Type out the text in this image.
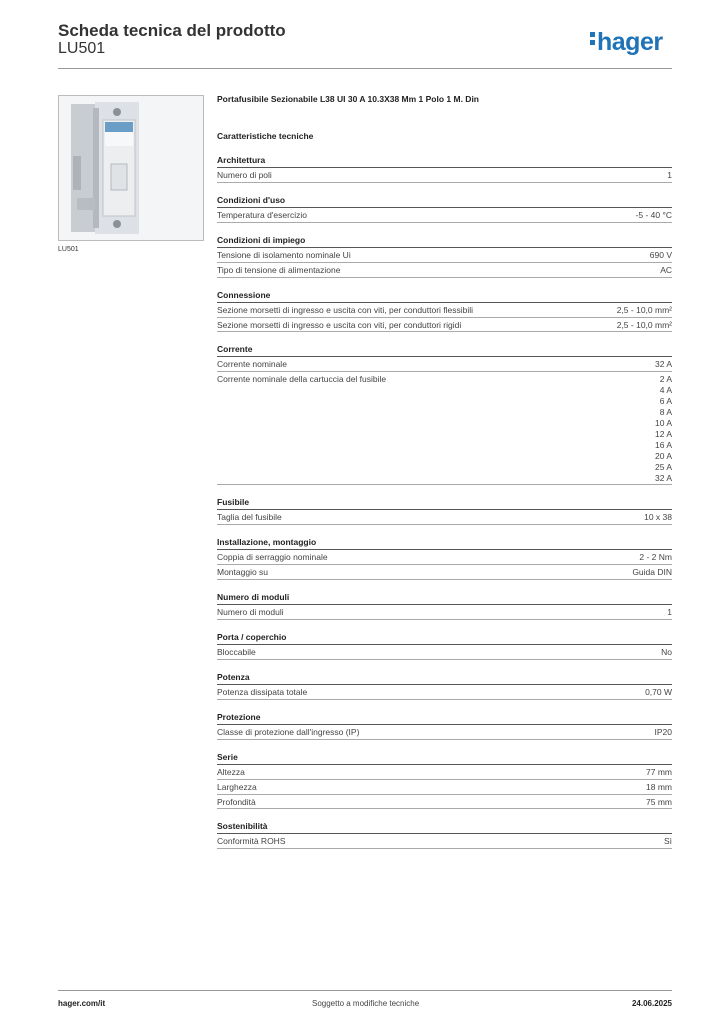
Scheda tecnica del prodotto
LU501	hager
LU501
Portafusibile Sezionabile L38 UI 30 A 10.3X38 Mm 1 Polo 1 M. Din
Caratteristiche tecniche
Architettura
Numero di poli	1
Condizioni d'uso
Temperatura d'esercizio	-5 - 40 °C
Condizioni di impiego
Tensione di isolamento nominale Ui	690 V
Tipo di tensione di alimentazione	AC
Connessione
Sezione morsetti di ingresso e uscita con viti, per conduttori flessibili	2,5 - 10,0 mm²
Sezione morsetti di ingresso e uscita con viti, per conduttori rigidi	2,5 - 10,0 mm²
Corrente
Corrente nominale	32 A
Corrente nominale della cartuccia del fusibile	2 A
4 A
6 A
8 A
10 A
12 A
16 A
20 A
25 A
32 A
Fusibile
Taglia del fusibile	10 x 38
Installazione, montaggio
Coppia di serraggio nominale	2 - 2 Nm
Montaggio su	Guida DIN
Numero di moduli
Numero di moduli	1
Porta / coperchio
Bloccabile	No
Potenza
Potenza dissipata totale	0,70 W
Protezione
Classe di protezione dall'ingresso (IP)	IP20
Serie
Altezza	77 mm
Larghezza	18 mm
Profondità	75 mm
Sostenibilità
Conformità ROHS	Sì
hager.com/it	Soggetto a modifiche tecniche	24.06.2025
